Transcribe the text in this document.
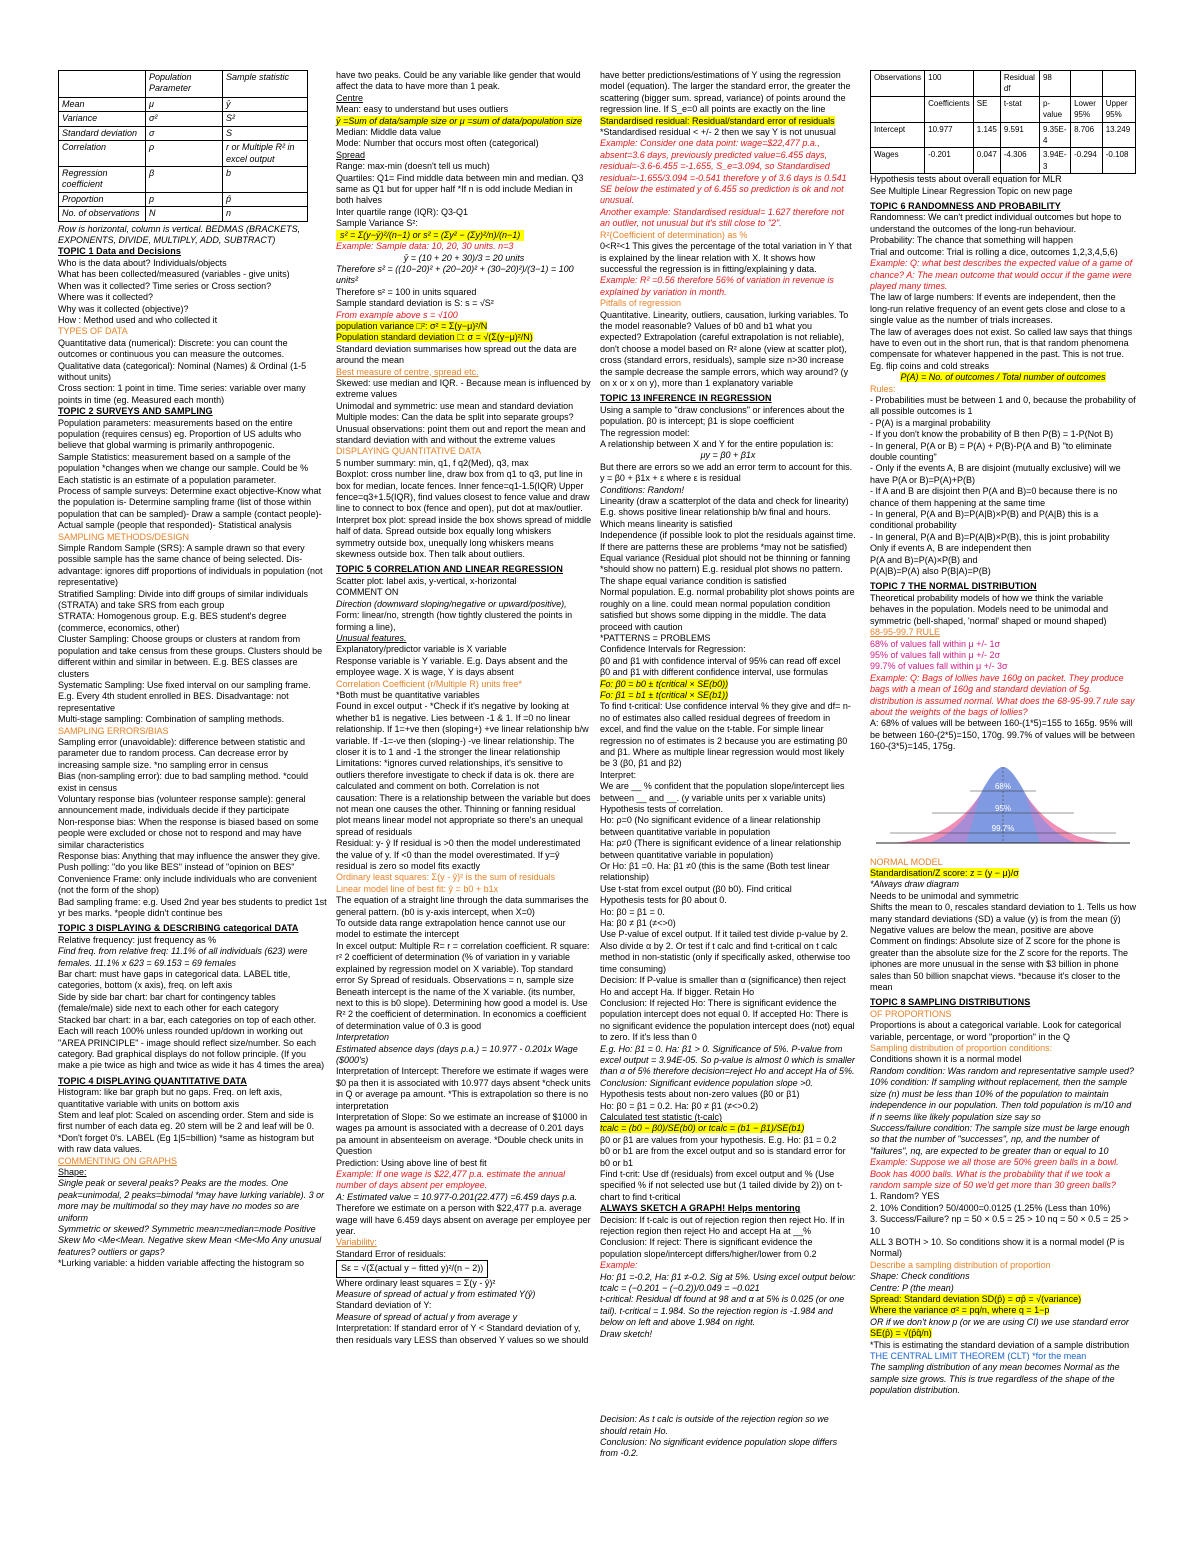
	Population Parameter	Sample statistic
Mean	μ	ȳ
Variance	σ²	S²
Standard deviation	σ	S
Correlation	ρ	r or Multiple R² in excel output
Regression coefficient	β	b
Proportion	p	p̂
No. of observations	N	n

Row is horizontal, column is vertical. BEDMAS (BRACKETS, EXPONENTS, DIVIDE, MULTIPLY, ADD, SUBTRACT)

TOPIC 1 Data and Decisions

Who is the data about? Individuals/objects

What has been collected/measured (variables - give units)

When was it collected? Time series or Cross section?

Where was it collected?

Why was it collected (objective)?

How : Method used and who collected it

TYPES OF DATA

Quantitative data (numerical): Discrete: you can count the outcomes or continuous you can measure the outcomes.

Qualitative data (categorical): Nominal (Names) & Ordinal (1-5 without units)

Cross section: 1 point in time. Time series: variable over many points in time (eg. Measured each month)

TOPIC 2 SURVEYS AND SAMPLING

Population parameters: measurements based on the entire population (requires census) eg. Proportion of US adults who believe that global warming is primarily anthropogenic.

Sample Statistics: measurement based on a sample of the population *changes when we change our sample. Could be % Each statistic is an estimate of a population parameter.

Process of sample surveys: Determine exact objective-Know what the population is- Determine sampling frame (list of those within population that can be sampled)- Draw a sample (contact people)- Actual sample (people that responded)- Statistical analysis

SAMPLING METHODS/DESIGN

Simple Random Sample (SRS): A sample drawn so that every possible sample has the same chance of being selected. Dis-advantage: ignores diff proportions of individuals in population (not representative)

Stratified Sampling: Divide into diff groups of similar individuals (STRATA) and take SRS from each group

STRATA: Homogenous group. E.g. BES student's degree (commerce, economics, other)

Cluster Sampling: Choose groups or clusters at random from population and take census from these groups. Clusters should be different within and similar in between. E.g. BES classes are clusters

Systematic Sampling: Use fixed interval on our sampling frame. E.g. Every 4th student enrolled in BES. Disadvantage: not representative

Multi-stage sampling: Combination of sampling methods.

SAMPLING ERRORS/BIAS

Sampling error (unavoidable): difference between statistic and parameter due to random process. Can decrease error by increasing sample size. *no sampling error in census

Bias (non-sampling error): due to bad sampling method. *could exist in census

Voluntary response bias (volunteer response sample): general announcement made, individuals decide if they participate

Non-response bias: When the response is biased based on some people were excluded or chose not to respond and may have similar characteristics

Response bias: Anything that may influence the answer they give. Push polling: "do you like BES" instead of "opinion on BES"

Convenience Frame: only include individuals who are convenient (not the form of the shop)

Bad sampling frame: e.g. Used 2nd year bes students to predict 1st yr bes marks. *people didn't continue bes

TOPIC 3 DISPLAYING & DESCRIBING categorical DATA

Relative frequency: just frequency as %

Find freq. from relative freq: 11.1% of all individuals (623) were females. 11.1% x 623 = 69.153 = 69 females

Bar chart: must have gaps in categorical data. LABEL title, categories, bottom (x axis), freq. on left axis

Side by side bar chart: bar chart for contingency tables (female/male) side next to each other for each category

Stacked bar chart: in a bar, each categories on top of each other. Each will reach 100% unless rounded up/down in working out

"AREA PRINCIPLE" - image should reflect size/number. So each category. Bad graphical displays do not follow principle. (If you make a pie twice as high and twice as wide it has 4 times the area)

TOPIC 4 DISPLAYING QUANTITATIVE DATA

Histogram: like bar graph but no gaps. Freq. on left axis, quantitative variable with units on bottom axis

Stem and leaf plot: Scaled on ascending order. Stem and side is first number of each data eg. 20 stem will be 2 and leaf will be 0. *Don't forget 0's. LABEL (Eg 1|5=billion) *same as histogram but with raw data values.

COMMENTING ON GRAPHS

Shape:

Single peak or several peaks? Peaks are the modes. One peak=unimodal, 2 peaks=bimodal *may have lurking variable). 3 or more may be multimodal so they may have no modes so are uniform

Symmetric or skewed? Symmetric mean=median=mode Positive Skew Mo <Me<Mean. Negative skew Mean <Me<Mo Any unusual features? outliers or gaps?

*Lurking variable: a hidden variable affecting the histogram so

have two peaks. Could be any variable like gender that would affect the data to have more than 1 peak.

Centre

Mean: easy to understand but uses outliers

ȳ =Sum of data/sample size or μ =sum of data/population size

Median: Middle data value

Mode: Number that occurs most often (categorical)

Spread

Range: max-min (doesn't tell us much)

Quartiles: Q1= Find middle data between min and median. Q3 same as Q1 but for upper half *If n is odd include Median in both halves

Inter quartile range (IQR): Q3-Q1

Sample Variance S²: s² = Σ(y−ȳ)²/(n−1) or s² = (Σy² − (Σy)²/n)/(n−1)

Example: Sample data: 10, 20, 30 units. n=3

ȳ = (10 + 20 + 30)/3 = 20 units

Therefore s² = ((10−20)² + (20−20)² + (30−20)²)/(3−1) = 100 units²

Therefore s² = 100 in units squared

Sample standard deviation is S: s = √S²

From example above s = √100

population variance □²: σ² = Σ(y−μ)²/N

Population standard deviation □: σ = √(Σ(y−μ)²/N)

Standard deviation summarises how spread out the data are around the mean

Best measure of centre, spread etc.

Skewed: use median and IQR. - Because mean is influenced by extreme values

Unimodal and symmetric: use mean and standard deviation

Multiple modes: Can the data be split into separate groups?

Unusual observations: point them out and report the mean and standard deviation with and without the extreme values

DISPLAYING QUANTITATIVE DATA

5 number summary: min, q1, f q2(Med), q3, max

Boxplot: cross number line, draw box from q1 to q3, put line in box for median, locate fences. Inner fence=q1-1.5(IQR) Upper fence=q3+1.5(IQR), find values closest to fence value and draw line to connect to box (fence and open), put dot at max/outlier.

Interpret box plot: spread inside the box shows spread of middle half of data. Spread outside box equally long whiskers symmetry outside box, unequally long whiskers means skewness outside box. Then talk about outliers.

TOPIC 5 CORRELATION AND LINEAR REGRESSION

Scatter plot: label axis, y-vertical, x-horizontal

COMMENT ON

Direction (downward sloping/negative or upward/positive),

Form: linear/no, strength (how tightly clustered the points in forming a line),

Unusual features.

Explanatory/predictor variable is X variable

Response variable is Y variable. E.g. Days absent and the employee wage. X is wage, Y is days absent

Correlation Coefficient (r/Multiple R) units free*

*Both must be quantitative variables

Found in excel output - *Check if it's negative by looking at whether b1 is negative. Lies between -1 & 1. If =0 no linear relationship. If 1=+ve then (sloping+) +ve linear relationship b/w variable. If -1=-ve then (sloping-) -ve linear relationship. The closer it is to 1 and -1 the stronger the linear relationship

Limitations: *ignores curved relationships, it's sensitive to outliers therefore investigate to check if data is ok. there are calculated and comment on both. Correlation is not

causation: There is a relationship between the variable but does not mean one causes the other. Thinning or fanning residual plot means linear model not appropriate so there's an unequal spread of residuals

Residual: y- ŷ If residual is >0 then the model underestimated the value of y. If <0 than the model overestimated. If y=ŷ residual is zero so model fits exactly

Ordinary least squares: Σ(y - ŷ)² is the sum of residuals

Linear model line of best fit: ŷ = b0 + b1x

The equation of a straight line through the data summarises the general pattern. (b0 is y-axis intercept, when X=0)

To outside data range extrapolation hence cannot use our model to estimate the intercept

In excel output: Multiple R= r = correlation coefficient. R square: r² 2 coefficient of determination (% of variation in y variable explained by regression model on X variable). Top standard error Sy Spread of residuals. Observations = n, sample size

Beneath intercept is the name of the X variable. (its number, next to this is b0 slope). Determining how good a model is. Use R² 2 the coefficient of determination. In economics a coefficient of determination value of 0.3 is good

Interpretation

Estimated absence days (days p.a.) = 10.977 - 0.201x Wage ($000's)

Interpretation of Intercept: Therefore we estimate if wages were $0 pa then it is associated with 10.977 days absent *check units in Q or average pa amount. *This is extrapolation so there is no interpretation

Interpretation of Slope: So we estimate an increase of $1000 in wages pa amount is associated with a decrease of 0.201 days pa amount in absenteeism on average. *Double check units in Question

Prediction: Using above line of best fit

Example: If one wage is $22,477 p.a. estimate the annual number of days absent per employee.

A: Estimated value = 10.977-0.201(22.477) =6.459 days p.a.

Therefore we estimate on a person with $22,477 p.a. average wage will have 6.459 days absent on average per employee per year.

Variability:

Standard Error of residuals:

Sε = √(Σ(actual y − fitted y)²/(n − 2))

Where ordinary least squares = Σ(y - ŷ)²

Measure of spread of actual y from estimated Y(ŷ)

Standard deviation of Y:

Measure of spread of actual y from average y

Interpretation: If standard error of Y < Standard deviation of y, then residuals vary LESS than observed Y values so we should

have better predictions/estimations of Y using the regression model (equation). The larger the standard error, the greater the scattering (bigger sum. spread, variance) of points around the regression line. If S_e=0 all points are exactly on the line

Standardised residual: Residual/standard error of residuals

*Standardised residual < +/- 2 then we say Y is not unusual

Example: Consider one data point: wage=$22,477 p.a., absent=3.6 days, previously predicted value=6.455 days, residual=-3.6-6.455 =-1.655, S_e=3.094, so Standardised residual=-1.655/3.094 =-0.541 therefore y of 3.6 days is 0.541 SE below the estimated y of 6.455 so prediction is ok and not unusual.

Another example: Standardised residual= 1.627 therefore not an outlier, not unusual but it's still close to "2".

R²(Coefficient of determination) as %

0<R²<1 This gives the percentage of the total variation in Y that is explained by the linear relation with X. It shows how successful the regression is in fitting/explaining y data.

Example: R² =0.56 therefore 56% of variation in revenue is explained by variation in month.

Pitfalls of regression

Quantitative. Linearity, outliers, causation, lurking variables. To the model reasonable? Values of b0 and b1 what you expected? Extrapolation (careful extrapolation is not reliable), don't choose a model based on R² alone (view at scatter plot), cross (standard errors, residuals), sample size n>30 increase the sample decrease the sample errors, which way around? (y on x or x on y), more than 1 explanatory variable

TOPIC 13 INFERENCE IN REGRESSION

Using a sample to "draw conclusions" or inferences about the population. β0 is intercept; β1 is slope coefficient

The regression model:

A relationship between X and Y for the entire population is:

μy = β0 + β1x

But there are errors so we add an error term to account for this. y = β0 + β1x + ε where ε is residual

Conditions: Random!

Linearity (draw a scatterplot of the data and check for linearity) E.g. shows positive linear relationship b/w final and hours. Which means linearity is satisfied

Independence (if possible look to plot the residuals against time. If there are patterns these are problems *may not be satisfied)

Equal variance (Residual plot should not be thinning or fanning *should show no pattern) E.g. residual plot shows no pattern. The shape equal variance condition is satisfied

Normal population. E.g. normal probability plot shows points are roughly on a line. could mean normal population condition satisfied but shows some dipping in the middle. The data proceed with caution

*PATTERNS = PROBLEMS

Confidence Intervals for Regression:

β0 and β1 with confidence interval of 95% can read off excel

β0 and β1 with different confidence interval, use formulas

Fo: β0 = b0 ± t(critical × SE(b0))

Fo: β1 = b1 ± t(critical × SE(b1))

To find t-critical: Use confidence interval % they give and df= n-no of estimates also called residual degrees of freedom in excel, and find the value on the t-table. For simple linear regression no of estimates is 2 because you are estimating β0 and β1. Where as multiple linear regression would most likely be 3 (β0, β1 and β2)

Interpret:

We are __ % confident that the population slope/intercept lies between __ and __. (y variable units per x variable units)

Hypothesis tests of correlation.

Ho: ρ=0 (No significant evidence of a linear relationship between quantitative variable in population

Ha: ρ≠0 (There is significant evidence of a linear relationship between quantitative variable in population)

Or Ho: β1 =0. Ha: β1 ≠0 (this is the same (Both test linear relationship)

Use t-stat from excel output (β0 b0). Find critical

Hypothesis tests for β0 about 0.

Ho: β0 = β1 = 0.

Ha: β0 ≠ β1 (≠<>0)

Use P-value of excel output. If it tailed test divide p-value by 2. Also divide α by 2. Or test if t calc and find t-critical on t calc method in non-statistic (only if specifically asked, otherwise too time consuming)

Decision: If P-value is smaller than α (significance) then reject Ho and accept Ha. If bigger. Retain Ho

Conclusion: If rejected Ho: There is significant evidence the population intercept does not equal 0. If accepted Ho: There is no significant evidence the population intercept does (not) equal to zero. If it's less than 0

E.g. Ho: β1 = 0. Ha: β1 > 0. Significance of 5%. P-value from excel output = 3.94E-05. So p-value is almost 0 which is smaller than α of 5% therefore decision=reject Ho and accept Ha of 5%. Conclusion: Significant evidence population slope >0.

Hypothesis tests about non-zero values (β0 or β1)

Ho: β0 = β1 = 0.2. Ha: β0 ≠ β1 (≠<>0.2)

Calculated test statistic (t-calc)

tcalc = (b0 − β0)/SE(b0) or tcalc = (b1 − β1)/SE(b1)

β0 or β1 are values from your hypothesis. E.g. Ho: β1 = 0.2

b0 or b1 are from the excel output and so is standard error for b0 or b1

Find t-crit: Use df (residuals) from excel output and % (Use specified % if not selected use but (1 tailed divide by 2)) on t-chart to find t-critical

ALWAYS SKETCH A GRAPH! Helps mentoring

Decision: If t-calc is out of rejection region then reject Ho. If in rejection region then reject Ho and accept Ha at __%

Conclusion: If reject: There is significant evidence the population slope/intercept differs/higher/lower from 0.2

Example:

Ho: β1 =-0.2, Ha: β1 ≠-0.2. Sig at 5%. Using excel output below:

tcalc = (−0.201 − (−0.2))/0.049 = −0.021

t-critical: Residual df found at 98 and α at 5% is 0.025 (or one tail). t-critical = 1.984. So the rejection region is -1.984 and below on left and above 1.984 on right.

Draw sketch!

Decision: As t calc is outside of the rejection region so we should retain Ho.

Conclusion: No significant evidence population slope differs from -0.2.

Observations	100		Residual df	98		
	Coefficients	SE	t-stat	p-value	Lower 95%	Upper 95%
Intercept	10.977	1.145	9.591	9.35E-4	8.706	13.249
Wages	-0.201	0.047	-4.306	3.94E-3	-0.294	-0.108

Hypothesis tests about overall equation for MLR

See Multiple Linear Regression Topic on new page

TOPIC 6 RANDOMNESS AND PROBABILITY

Randomness: We can't predict individual outcomes but hope to understand the outcomes of the long-run behaviour.

Probability: The chance that something will happen

Trial and outcome: Trial is rolling a dice, outcomes 1,2,3,4,5,6)

Example: Q: what best describes the expected value of a game of chance? A: The mean outcome that would occur if the game were played many times.

The law of large numbers: If events are independent, then the long-run relative frequency of an event gets close and close to a single value as the number of trials increases.

The law of averages does not exist. So called law says that things have to even out in the short run, that is that random phenomena compensate for whatever happened in the past. This is not true. Eg. flip coins and cold streaks

P(A) = No. of outcomes / Total number of outcomes

Rules:

- Probabilities must be between 1 and 0, because the probability of all possible outcomes is 1

- P(A) is a marginal probability

- If you don't know the probability of B then P(B) = 1-P(Not B)

- In general, P(A or B) = P(A) + P(B)-P(A and B) "to eliminate double counting"

- Only if the events A, B are disjoint (mutually exclusive) will we have P(A or B)=P(A)+P(B)

- If A and B are disjoint then P(A and B)=0 because there is no chance of them happening at the same time

- In general, P(A and B)=P(A|B)×P(B) and P(A|B) this is a conditional probability

- In general, P(A and B)=P(A|B)×P(B), this is joint probability

Only if events A, B are independent then

P(A and B)=P(A)×P(B) and

P(A|B)=P(A) also P(B|A)=P(B)

TOPIC 7 THE NORMAL DISTRIBUTION

Theoretical probability models of how we think the variable behaves in the population. Models need to be unimodal and symmetric (bell-shaped, 'normal' shaped or mound shaped)

68-95-99.7 RULE

68% of values fall within μ +/- 1σ

95% of values fall within μ +/- 2σ

99.7% of values fall within μ +/- 3σ

Example: Q: Bags of lollies have 160g on packet. They produce bags with a mean of 160g and standard deviation of 5g. distribution is assumed normal. What does the 68-95-99.7 rule say about the weights of the bags of lollies?

A: 68% of values will be between 160-(1*5)=155 to 165g. 95% will be between 160-(2*5)=150, 170g. 99.7% of values will be between 160-(3*5)=145, 175g.

68%
95%
99.7%

NORMAL MODEL

Standardisation/Z score: z = (y − μ)/σ

*Always draw diagram

Needs to be unimodal and symmetric

Shifts the mean to 0, rescales standard deviation to 1. Tells us how many standard deviations (SD) a value (y) is from the mean (ȳ)

Negative values are below the mean, positive are above

Comment on findings: Absolute size of Z score for the phone is greater than the absolute size for the Z score for the reports. The iphones are more unusual in the sense with $3 billion in phone sales than 50 billion snapchat views. *because it's closer to the mean

TOPIC 8 SAMPLING DISTRIBUTIONS

OF PROPORTIONS

Proportions is about a categorical variable. Look for categorical variable, percentage, or word "proportion" in the Q

Sampling distribution of proportion conditions:

Conditions shown it is a normal model

Random condition: Was random and representative sample used?

10% condition: If sampling without replacement, then the sample size (n) must be less than 10% of the population to maintain independence in our population. Then told population is m/10 and if n seems like likely population size say so

Success/failure condition: The sample size must be large enough so that the number of "successes", np, and the number of "failures", nq, are expected to be greater than or equal to 10

Example: Suppose we all those are 50% green balls in a bowl. Book has 4000 balls. What is the probability that if we took a random sample size of 50 we'd get more than 30 green balls?

1. Random? YES

2. 10% Condition? 50/4000=0.0125 (1.25% (Less than 10%)

3. Success/Failure? np = 50 × 0.5 = 25 > 10 nq = 50 × 0.5 = 25 > 10

ALL 3 BOTH > 10. So conditions show it is a normal model (P is Normal)

Describe a sampling distribution of proportion

Shape: Check conditions

Centre: P (the mean)

Spread: Standard deviation SD(p̂) = σp̂ = √(variance)

Where the variance σ² = pq/n, where q = 1−p

OR if we don't know p (or we are using CI) we use standard error

SE(p̂) = √(p̂q̂/n)

*This is estimating the standard deviation of a sample distribution

THE CENTRAL LIMIT THEOREM (CLT) *for the mean

The sampling distribution of any mean becomes Normal as the sample size grows. This is true regardless of the shape of the population distribution.
